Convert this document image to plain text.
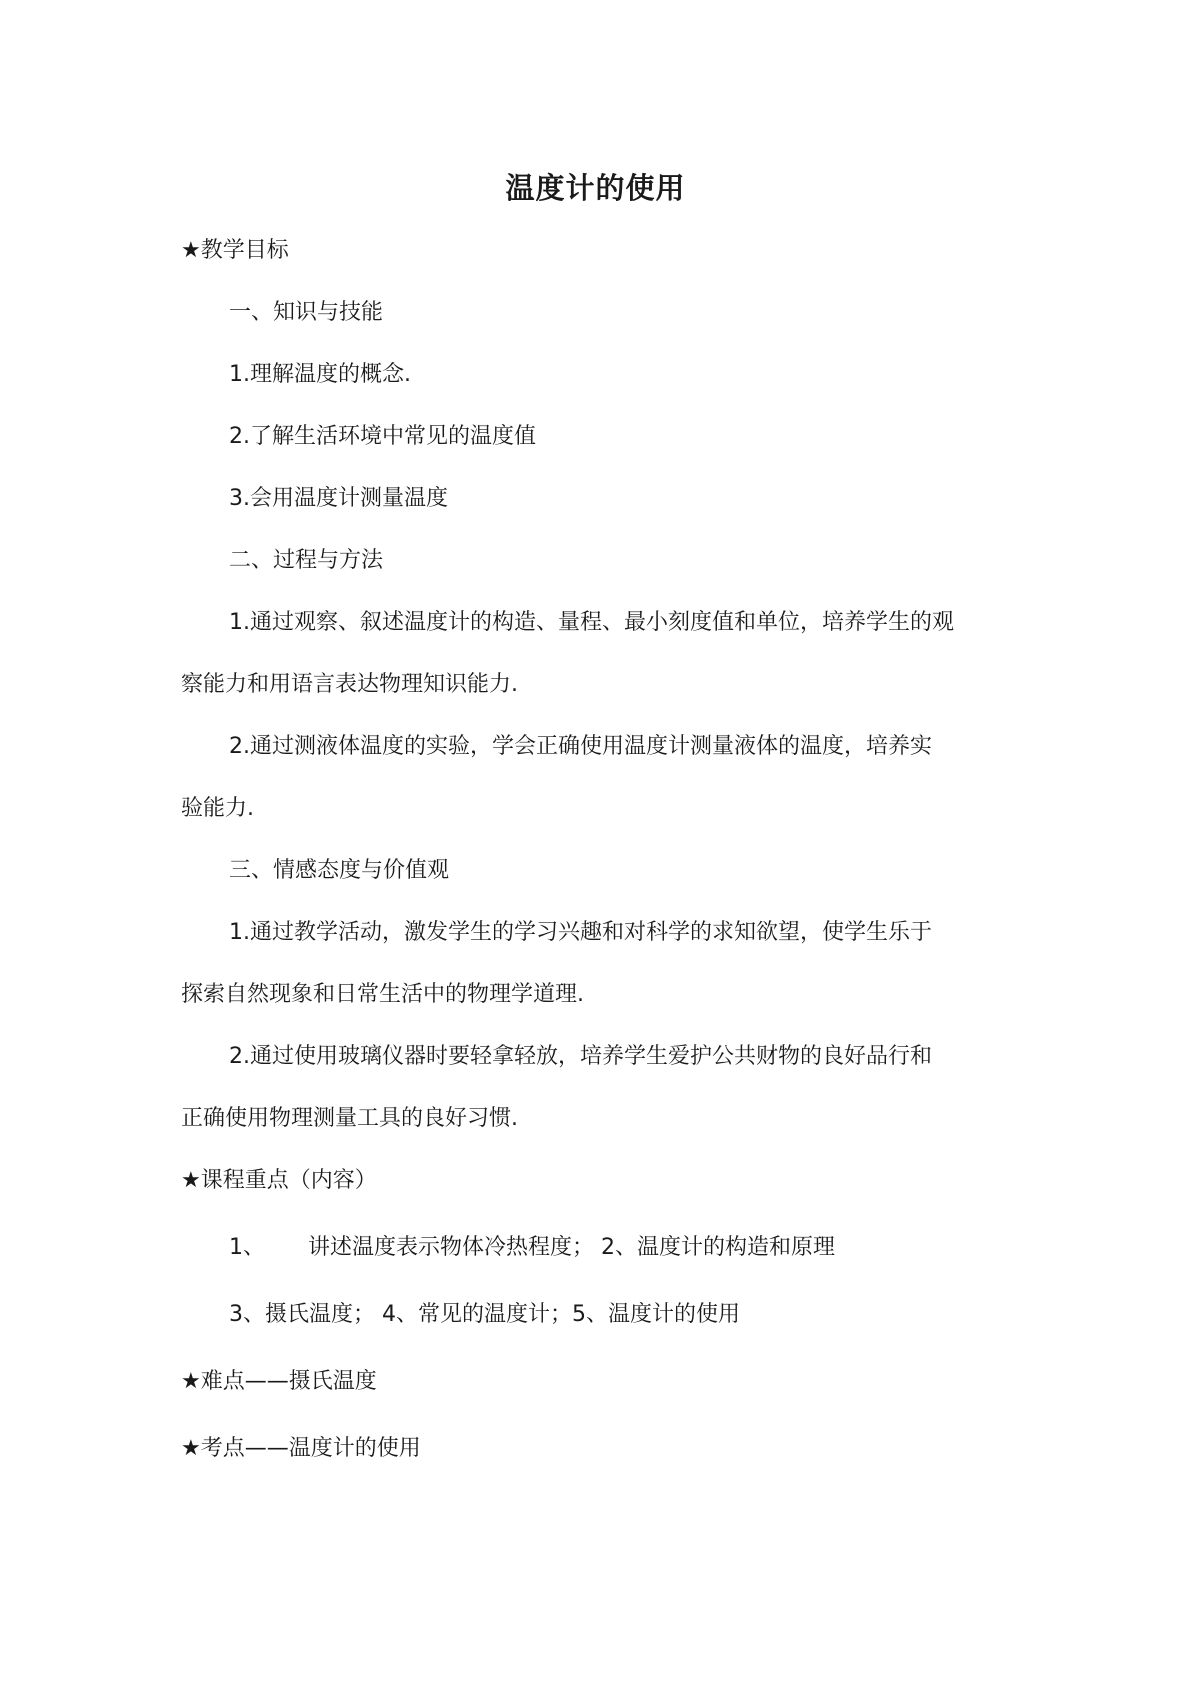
温度计的使用
★教学目标
一、知识与技能
1.理解温度的概念.
2.了解生活环境中常见的温度值
3.会用温度计测量温度
二、过程与方法
1.通过观察、叙述温度计的构造、量程、最小刻度值和单位，培养学生的观
察能力和用语言表达物理知识能力.
2.通过测液体温度的实验，学会正确使用温度计测量液体的温度，培养实
验能力.
三、情感态度与价值观
1.通过教学活动，激发学生的学习兴趣和对科学的求知欲望，使学生乐于
探索自然现象和日常生活中的物理学道理.
2.通过使用玻璃仪器时要轻拿轻放，培养学生爱护公共财物的良好品行和
正确使用物理测量工具的良好习惯.
★课程重点（内容）
1、 讲述温度表示物体冷热程度； 2、温度计的构造和原理
3、摄氏温度； 4、常见的温度计；5、温度计的使用
★难点——摄氏温度
★考点——温度计的使用
